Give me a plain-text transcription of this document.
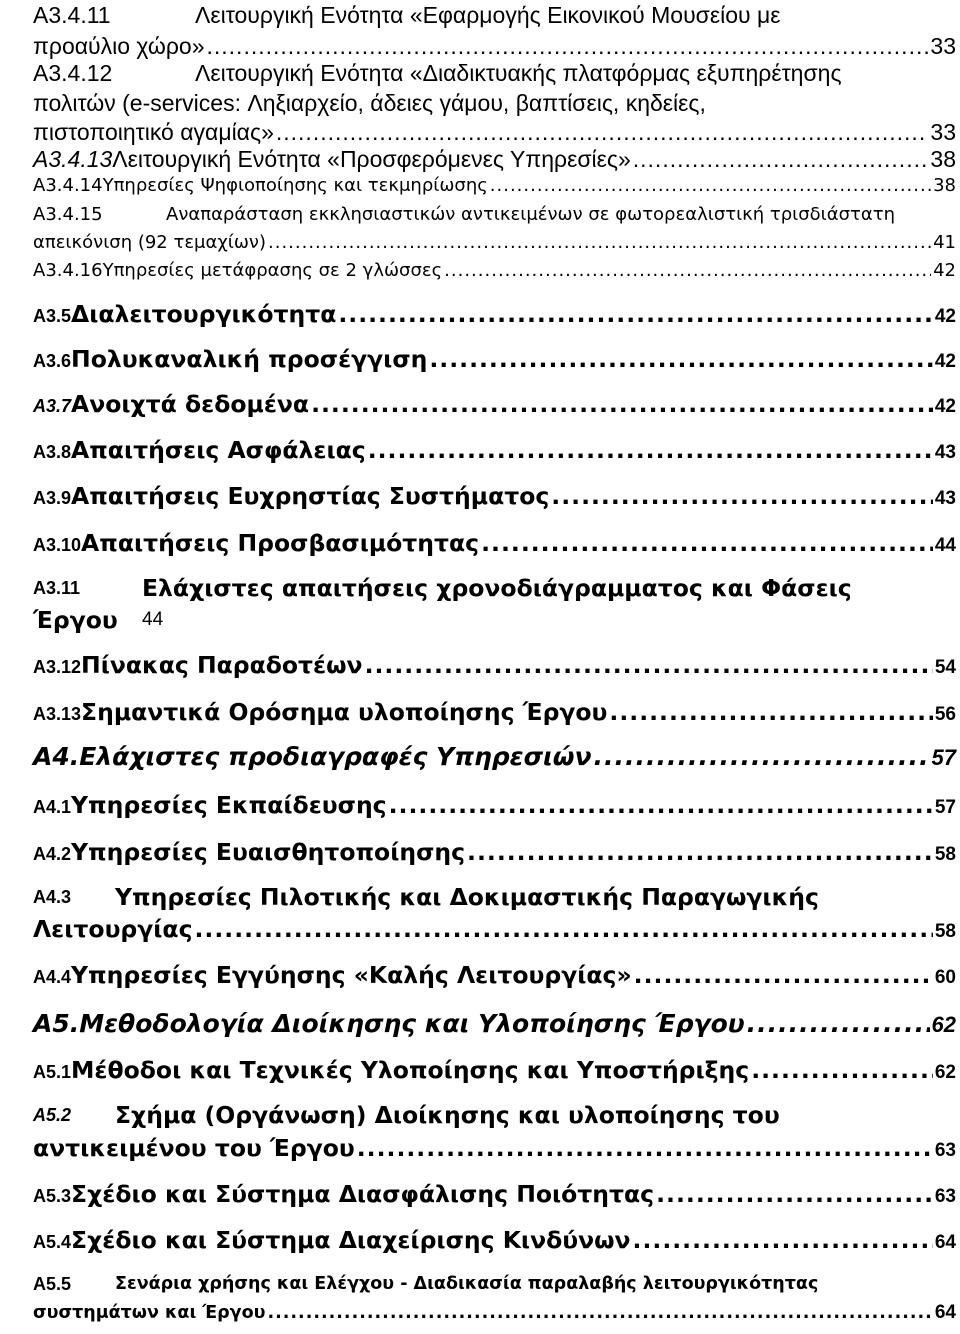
A3.4.11	Λειτουργική Ενότητα «Εφαρμογής Εικονικού Μουσείου με
προαύλιο χώρο» .....	33
A3.4.12	Λειτουργική Ενότητα «Διαδικτυακής πλατφόρμας εξυπηρέτησης
πολιτών (e-services: Ληξιαρχείο, άδειες γάμου, βαπτίσεις, κηδείες,
πιστοποιητικό αγαμίας» .....	33
A3.4.13 Λειτουργική Ενότητα «Προσφερόμενες Υπηρεσίες» .....	38
A3.4.14 Υπηρεσίες Ψηφιοποίησης και τεκμηρίωσης .....	38
A3.4.15	Αναπαράσταση εκκλησιαστικών αντικειμένων σε φωτορεαλιστική τρισδιάστατη
απεικόνιση (92 τεμαχίων) .....	41
A3.4.16 Υπηρεσίες μετάφρασης σε 2 γλώσσες .....	42
A3.5 Διαλειτουργικότητα .....	42
A3.6 Πολυκαναλική προσέγγιση .....	42
A3.7 Ανοιχτά δεδομένα .....	42
A3.8 Απαιτήσεις Ασφάλειας .....	43
A3.9 Απαιτήσεις Ευχρηστίας Συστήματος .....	43
A3.10 Απαιτήσεις Προσβασιμότητας .....	44
A3.11	Ελάχιστες απαιτήσεις χρονοδιάγραμματος και Φάσεις
Έργου 44
A3.12 Πίνακας Παραδοτέων .....	54
A3.13 Σημαντικά Ορόσημα υλοποίησης Έργου .....	56
A4. Ελάχιστες προδιαγραφές Υπηρεσιών .....	57
A4.1 Υπηρεσίες Εκπαίδευσης .....	57
A4.2 Υπηρεσίες Ευαισθητοποίησης .....	58
A4.3 Υπηρεσίες Πιλοτικής και Δοκιμαστικής Παραγωγικής
Λειτουργίας .....	58
A4.4 Υπηρεσίες Εγγύησης «Καλής Λειτουργίας» .....	60
A5. Μεθοδολογία Διοίκησης και Υλοποίησης Έργου .....	62
A5.1 Μέθοδοι και Τεχνικές Υλοποίησης και Υποστήριξης .....	62
A5.2 Σχήμα (Οργάνωση) Διοίκησης και υλοποίησης του
αντικειμένου του Έργου .....	63
A5.3 Σχέδιο και Σύστημα Διασφάλισης Ποιότητας .....	63
A5.4 Σχέδιο και Σύστημα Διαχείρισης Κινδύνων .....	64
A5.5	Σενάρια χρήσης και Ελέγχου - Διαδικασία παραλαβής λειτουργικότητας
συστημάτων και Έργου .....	64
